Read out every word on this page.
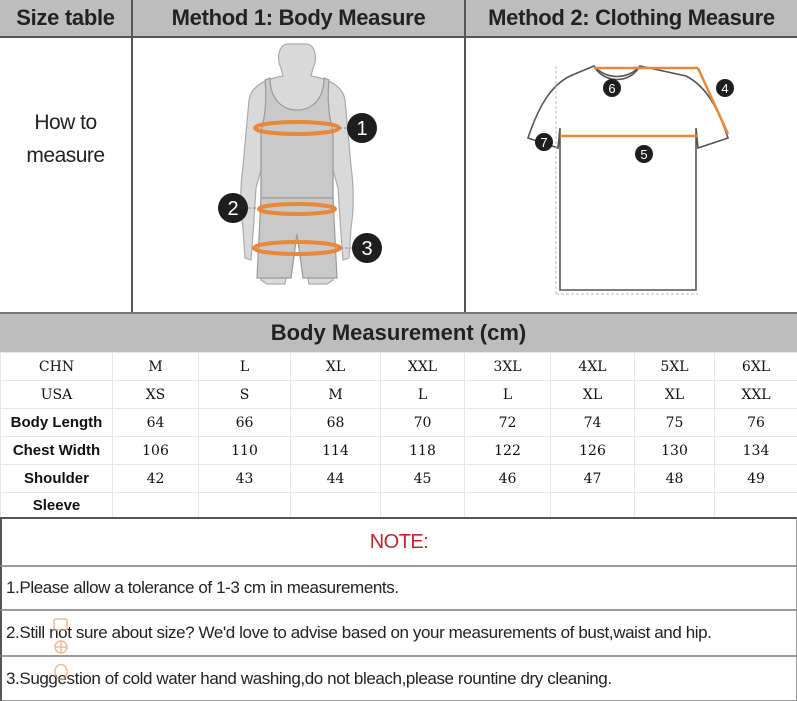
Size table	Method 1: Body Measure	Method 2: Clothing Measure
How to
measure
1
2
3
6	4
7
5
Body Measurement (cm)
CHN	M	L	XL	XXL	3XL	4XL	5XL	6XL
USA	XS	S	M	L	L	XL	XL	XXL
Body Length	64	66	68	70	72	74	75	76
Chest Width	106	110	114	118	122	126	130	134
Shoulder	42	43	44	45	46	47	48	49
Sleeve								
NOTE:
1.Please allow a tolerance of 1-3 cm in measurements.
2.Still not sure about size? We'd love to advise based on your measurements of bust,waist and hip.
3.Suggestion of cold water hand washing,do not bleach,please rountine dry cleaning.
